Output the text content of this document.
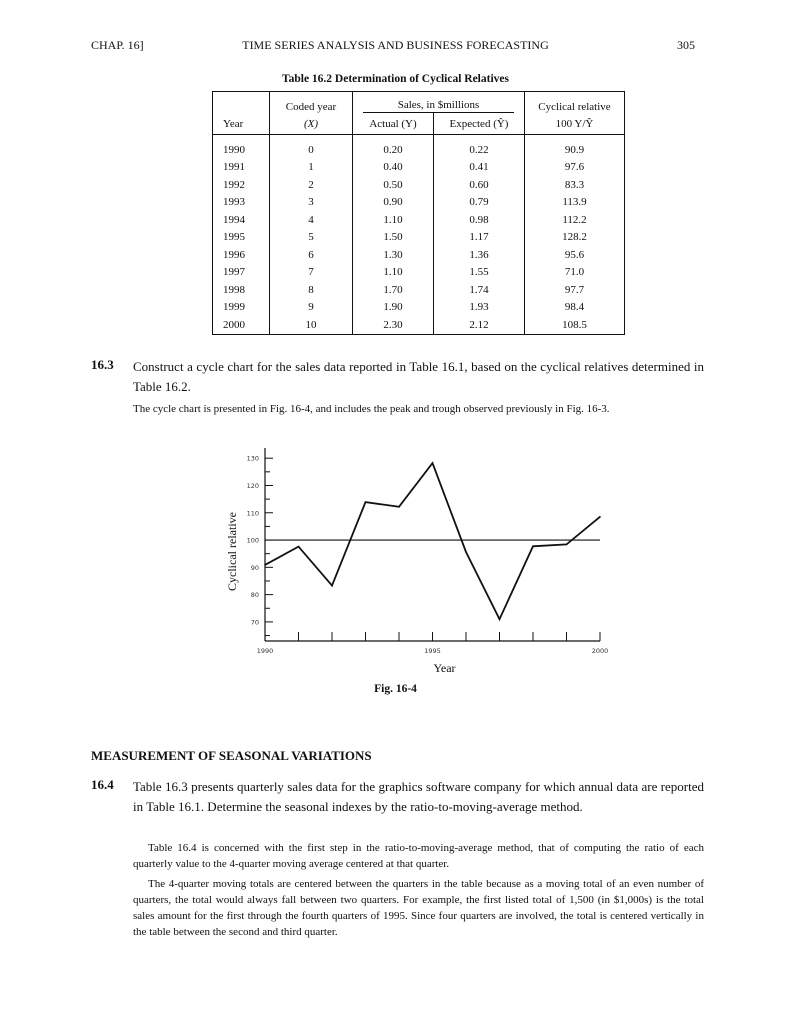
CHAP. 16]	TIME SERIES ANALYSIS AND BUSINESS FORECASTING	305
Table 16.2 Determination of Cyclical Relatives
	Coded year	Sales, in $millions		Cyclical relative
Year	(X)	Actual (Y)	Expected (Ŷ)	100 Y/Ŷ
1990	0	0.20	0.22	90.9
1991	1	0.40	0.41	97.6
1992	2	0.50	0.60	83.3
1993	3	0.90	0.79	113.9
1994	4	1.10	0.98	112.2
1995	5	1.50	1.17	128.2
1996	6	1.30	1.36	95.6
1997	7	1.10	1.55	71.0
1998	8	1.70	1.74	97.7
1999	9	1.90	1.93	98.4
2000	10	2.30	2.12	108.5
16.3 Construct a cycle chart for the sales data reported in Table 16.1, based on the cyclical relatives determined in Table 16.2.
The cycle chart is presented in Fig. 16-4, and includes the peak and trough observed previously in Fig. 16-3.
70
80
90
100
110
120
130
1990	1995	2000
Cyclical relative
Year
Fig. 16-4
MEASUREMENT OF SEASONAL VARIATIONS
16.4 Table 16.3 presents quarterly sales data for the graphics software company for which annual data are reported in Table 16.1. Determine the seasonal indexes by the ratio-to-moving-average method.
Table 16.4 is concerned with the first step in the ratio-to-moving-average method, that of computing the ratio of each quarterly value to the 4-quarter moving average centered at that quarter.
The 4-quarter moving totals are centered between the quarters in the table because as a moving total of an even number of quarters, the total would always fall between two quarters. For example, the first listed total of 1,500 (in $1,000s) is the total sales amount for the first through the fourth quarters of 1995. Since four quarters are involved, the total is centered vertically in the table between the second and third quarter.
